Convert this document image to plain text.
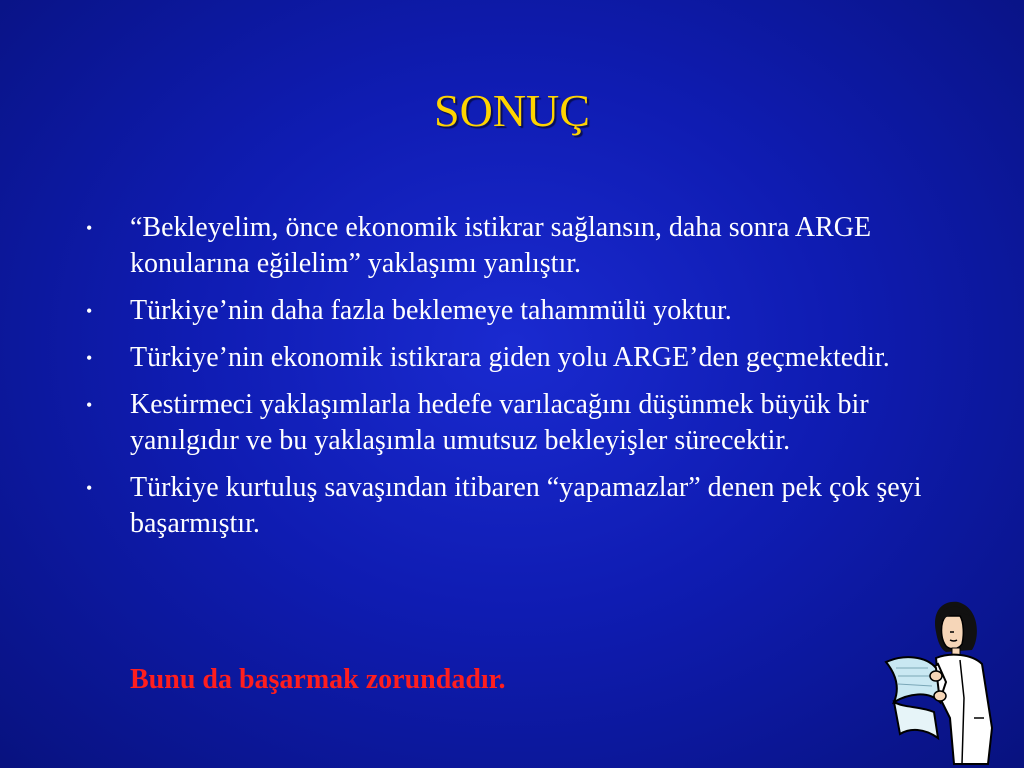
SONUÇ
• “Bekleyelim, önce ekonomik istikrar sağlansın, daha sonra ARGE konularına eğilelim” yaklaşımı yanlıştır.
• Türkiye’nin daha fazla beklemeye tahammülü yoktur.
• Türkiye’nin ekonomik istikrara giden yolu ARGE’den geçmektedir.
• Kestirmeci yaklaşımlarla hedefe varılacağını düşünmek büyük bir yanılgıdır ve bu yaklaşımla umutsuz bekleyişler sürecektir.
• Türkiye kurtuluş savaşından itibaren “yapamazlar” denen pek çok şeyi başarmıştır.
Bunu da başarmak zorundadır.
